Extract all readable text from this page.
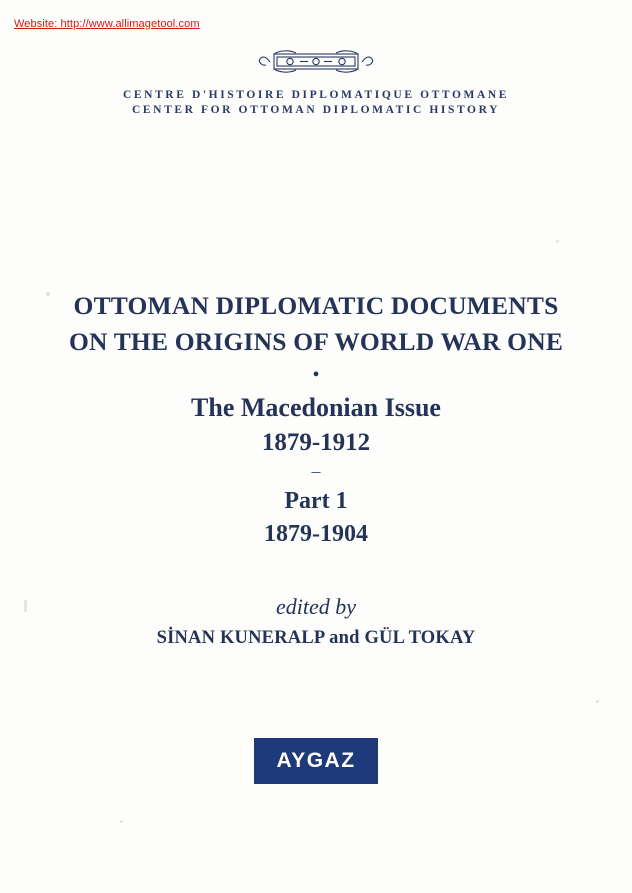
Website: http://www.allimagetool.com
CENTRE D'HISTOIRE DIPLOMATIQUE OTTOMANE
CENTER FOR OTTOMAN DIPLOMATIC HISTORY
OTTOMAN DIPLOMATIC DOCUMENTS
ON THE ORIGINS OF WORLD WAR ONE
•
The Macedonian Issue
1879-1912
–
Part 1
1879-1904
edited by
SİNAN KUNERALP and GÜL TOKAY
AYGAZ
